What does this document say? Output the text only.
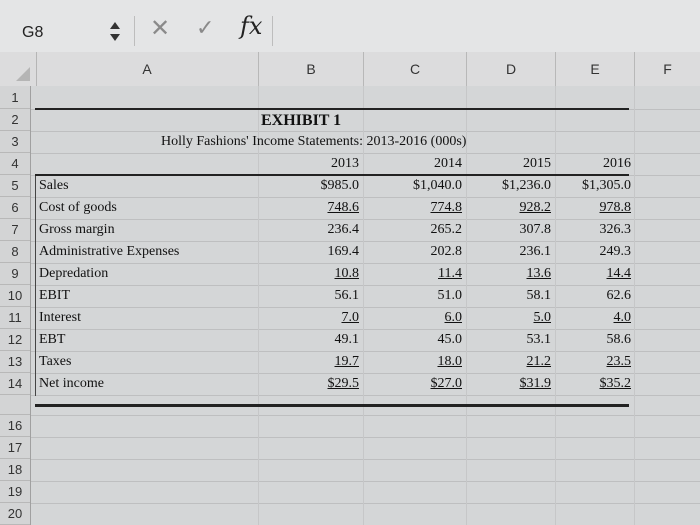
G8	✕ ✓ fx
A	B	C	D	E	F
1
2
3
4
5
6
7
8
9
10
11
12
13
14
16
17
18
19
20
EXHIBIT 1
Holly Fashions' Income Statements: 2013-2016 (000s)
2013	2014	2015	2016
Sales	$985.0	$1,040.0	$1,236.0	$1,305.0
Cost of goods	748.6	774.8	928.2	978.8
Gross margin	236.4	265.2	307.8	326.3
Administrative Expenses	169.4	202.8	236.1	249.3
Depredation	10.8	11.4	13.6	14.4
EBIT	56.1	51.0	58.1	62.6
Interest	7.0	6.0	5.0	4.0
EBT	49.1	45.0	53.1	58.6
Taxes	19.7	18.0	21.2	23.5
Net income	$29.5	$27.0	$31.9	$35.2
